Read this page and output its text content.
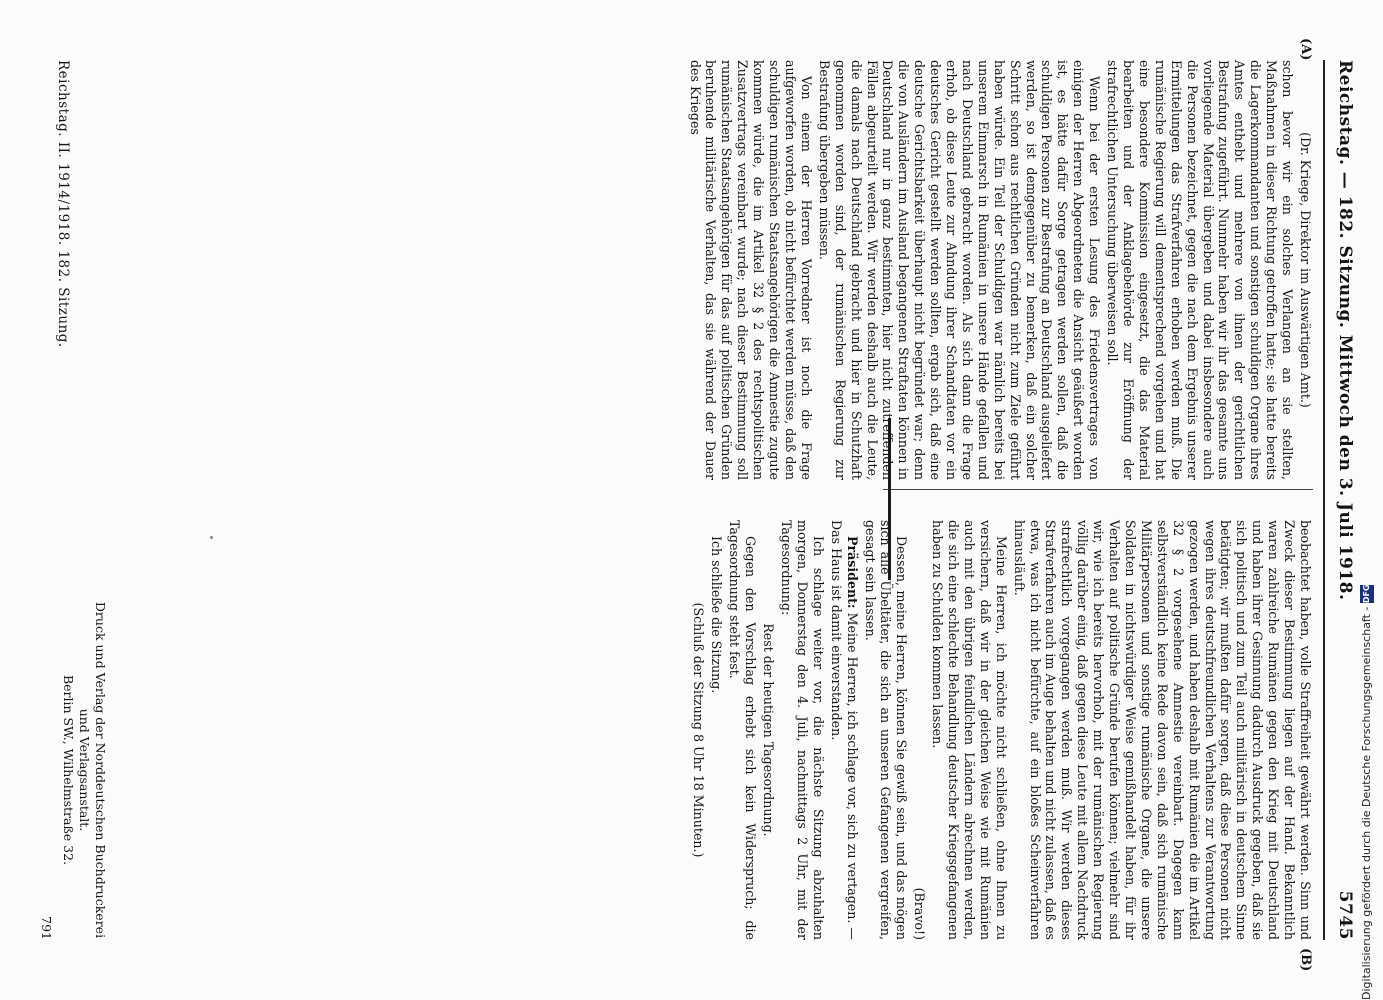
(A)
(B)
Reichstag. — 182. Sitzung. Mittwoch den 3. Juli 1918.
5745

(Dr. Kriege, Direktor im Auswärtigen Amt.)

schon bevor wir ein solches Verlangen an sie stellten, Maßnahmen in dieser Richtung getroffen hatte; sie hatte bereits die Lagerkommandanten und sonstigen schuldigen Organe ihres Amtes enthebt und mehrere von ihnen der gerichtlichen Bestrafung zugeführt. Nunmehr haben wir ihr das gesamte uns vorliegende Material übergeben und dabei insbesondere auch die Personen bezeichnet, gegen die nach dem Ergebnis unserer Ermittelungen das Strafverfahren erhoben werden muß. Die rumänische Regierung will dementsprechend vorgehen und hat eine besondere Kommission eingesetzt, die das Material bearbeiten und der Anklagebehörde zur Eröffnung der strafrechtlichen Untersuchung überweisen soll.

Wenn bei der ersten Lesung des Friedensvertrages von einigen der Herren Abgeordneten die Ansicht geäußert worden ist, es hätte dafür Sorge getragen werden sollen, daß die schuldigen Personen zur Bestrafung an Deutschland ausgeliefert werden, so ist demgegenüber zu bemerken, daß ein solcher Schritt schon aus rechtlichen Gründen nicht zum Ziele geführt haben würde. Ein Teil der Schuldigen war nämlich bereits bei unserem Einmarsch in Rumänien in unsere Hände gefallen und nach Deutschland gebracht worden. Als sich dann die Frage erhob, ob diese Leute zur Ahndung ihrer Schandtaten vor ein deutsches Gericht gestellt werden sollten, ergab sich, daß eine deutsche Gerichtsbarkeit überhaupt nicht begründet war; denn die von Ausländern im Ausland begangenen Straftaten können in Deutschland nur in ganz bestimmten, hier nicht zutreffenden Fällen abgeurteilt werden. Wir werden deshalb auch die Leute, die damals nach Deutschland gebracht und hier in Schutzhaft genommen worden sind, der rumänischen Regierung zur Bestrafung übergeben müssen.

Von einem der Herren Vorredner ist noch die Frage aufgeworfen worden, ob nicht befürchtet werden müsse, daß den schuldigen rumänischen Staatsangehörigen die Amnestie zugute kommen würde, die im Artikel 32 § 2 des rechtspolitischen Zusatzvertrags vereinbart wurde; nach dieser Bestimmung soll rumänischen Staatsangehörigen für das auf politischen Gründen beruhende militärische Verhalten, das sie während der Dauer des Krieges

beobachtet haben, volle Straffreiheit gewährt werden. Sinn und Zweck dieser Bestimmung liegen auf der Hand. Bekanntlich waren zahlreiche Rumänen gegen den Krieg mit Deutschland und haben ihrer Gesinnung dadurch Ausdruck gegeben, daß sie sich politisch und zum Teil auch militärisch in deutschem Sinne betätigten; wir mußten dafür sorgen, daß diese Personen nicht wegen ihres deutschfreundlichen Verhaltens zur Verantwortung gezogen werden, und haben deshalb mit Rumänien die im Artikel 32 § 2 vorgesehene Amnestie vereinbart. Dagegen kann selbstverständlich keine Rede davon sein, daß sich rumänische Militärpersonen und sonstige rumänische Organe, die unsere Soldaten in nichtswürdiger Weise gemißhandelt haben, für ihr Verhalten auf politische Gründe berufen können; vielmehr sind wir, wie ich bereits hervorhob, mit der rumänischen Regierung völlig darüber einig, daß gegen diese Leute mit allem Nachdruck strafrechtlich vorgegangen werden muß. Wir werden dieses Strafverfahren auch im Auge behalten und nicht zulassen, daß es etwa, was ich nicht befürchte, auf ein bloßes Scheinverfahren hinausläuft.

Meine Herren, ich möchte nicht schließen, ohne Ihnen zu versichern, daß wir in der gleichen Weise wie mit Rumänien auch mit den übrigen feindlichen Ländern abrechnen werden, die sich eine schlechte Behandlung deutscher Kriegsgefangenen haben zu Schulden kommen lassen.

(Bravo!)

Dessen, meine Herren, können Sie gewiß sein, und das mögen sich alle Übeltäter, die sich an unseren Gefangenen vergreifen, gesagt sein lassen.

Präsident: Meine Herren, ich schlage vor, sich zu vertagen. — Das Haus ist damit einverstanden.

Ich schlage weiter vor, die nächste Sitzung abzuhalten morgen, Donnerstag den 4. Juli, nachmittags 2 Uhr, mit der Tagesordnung:

Rest der heutigen Tagesordnung.

Gegen den Vorschlag erhebt sich kein Widerspruch; die Tagesordnung steht fest.

Ich schließe die Sitzung.

(Schluß der Sitzung 8 Uhr 18 Minuten.)

Reichstag. II. 1914/1918. 182. Sitzung.
Druck und Verlag der Norddeutschen Buchdruckerei und Verlagsanstalt.
Berlin SW., Wilhelmstraße 32.
791	Digitalisierung gefördert durch die Deutsche Forschungsgemeinschaft - DFG
